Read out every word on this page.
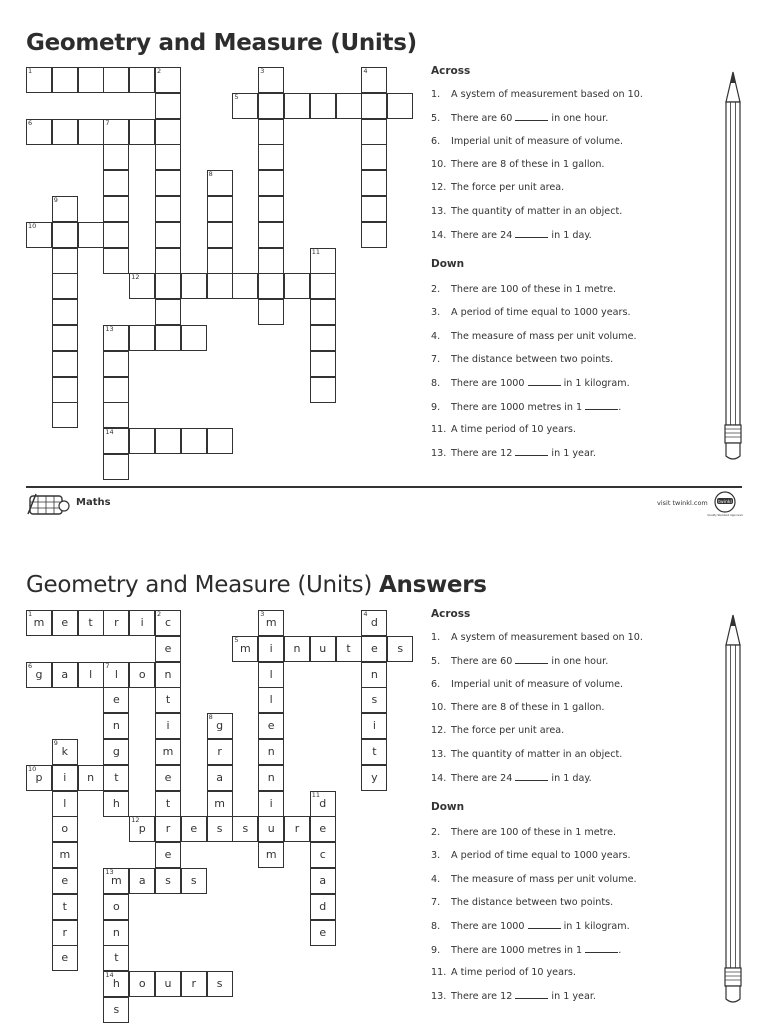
Geometry and Measure (Units)
1	2	3	4
5
6	7
8
9
10
11
12
13
14
Across
1. A system of measurement based on 10.
5. There are 60	in one hour.
6. Imperial unit of measure of volume.
10. There are 8 of these in 1 gallon.
12. The force per unit area.
13. The quantity of matter in an object.
14. There are 24	in 1 day.
Down
2. There are 100 of these in 1 metre.
3. A period of time equal to 1000 years.
4. The measure of mass per unit volume.
7. The distance between two points.
8. There are 1000	in 1 kilogram.
9. There are 1000 metres in 1	.
11. A time period of 10 years.
13. There are 12	in 1 year.
Maths	visit twinkl.com twinkl
Quality Standard Approved
Geometry and Measure (Units) Answers
1
m	e	t	r	i
2
c
e
n
t
i
m
e
t
r
e
3
m
i
l
l
e
n
n
i
u
m
4
d
e
n
s
i
t
y
5
m	n	u	t	s
6
g	a	l
7
l	o
e
n
g
t
h
8
g
r
a
m
9
k
i
l
o
m
e
t
r
e
10
p	n
11
d
e
c
a
d
e
12
p	e	s	s	r
13
m	a	s	s
o
n
t
14
h
s
o	u	r	s
Across
1. A system of measurement based on 10.
5. There are 60	in one hour.
6. Imperial unit of measure of volume.
10. There are 8 of these in 1 gallon.
12. The force per unit area.
13. The quantity of matter in an object.
14. There are 24	in 1 day.
Down
2. There are 100 of these in 1 metre.
3. A period of time equal to 1000 years.
4. The measure of mass per unit volume.
7. The distance between two points.
8. There are 1000	in 1 kilogram.
9. There are 1000 metres in 1	.
11. A time period of 10 years.
13. There are 12	in 1 year.
